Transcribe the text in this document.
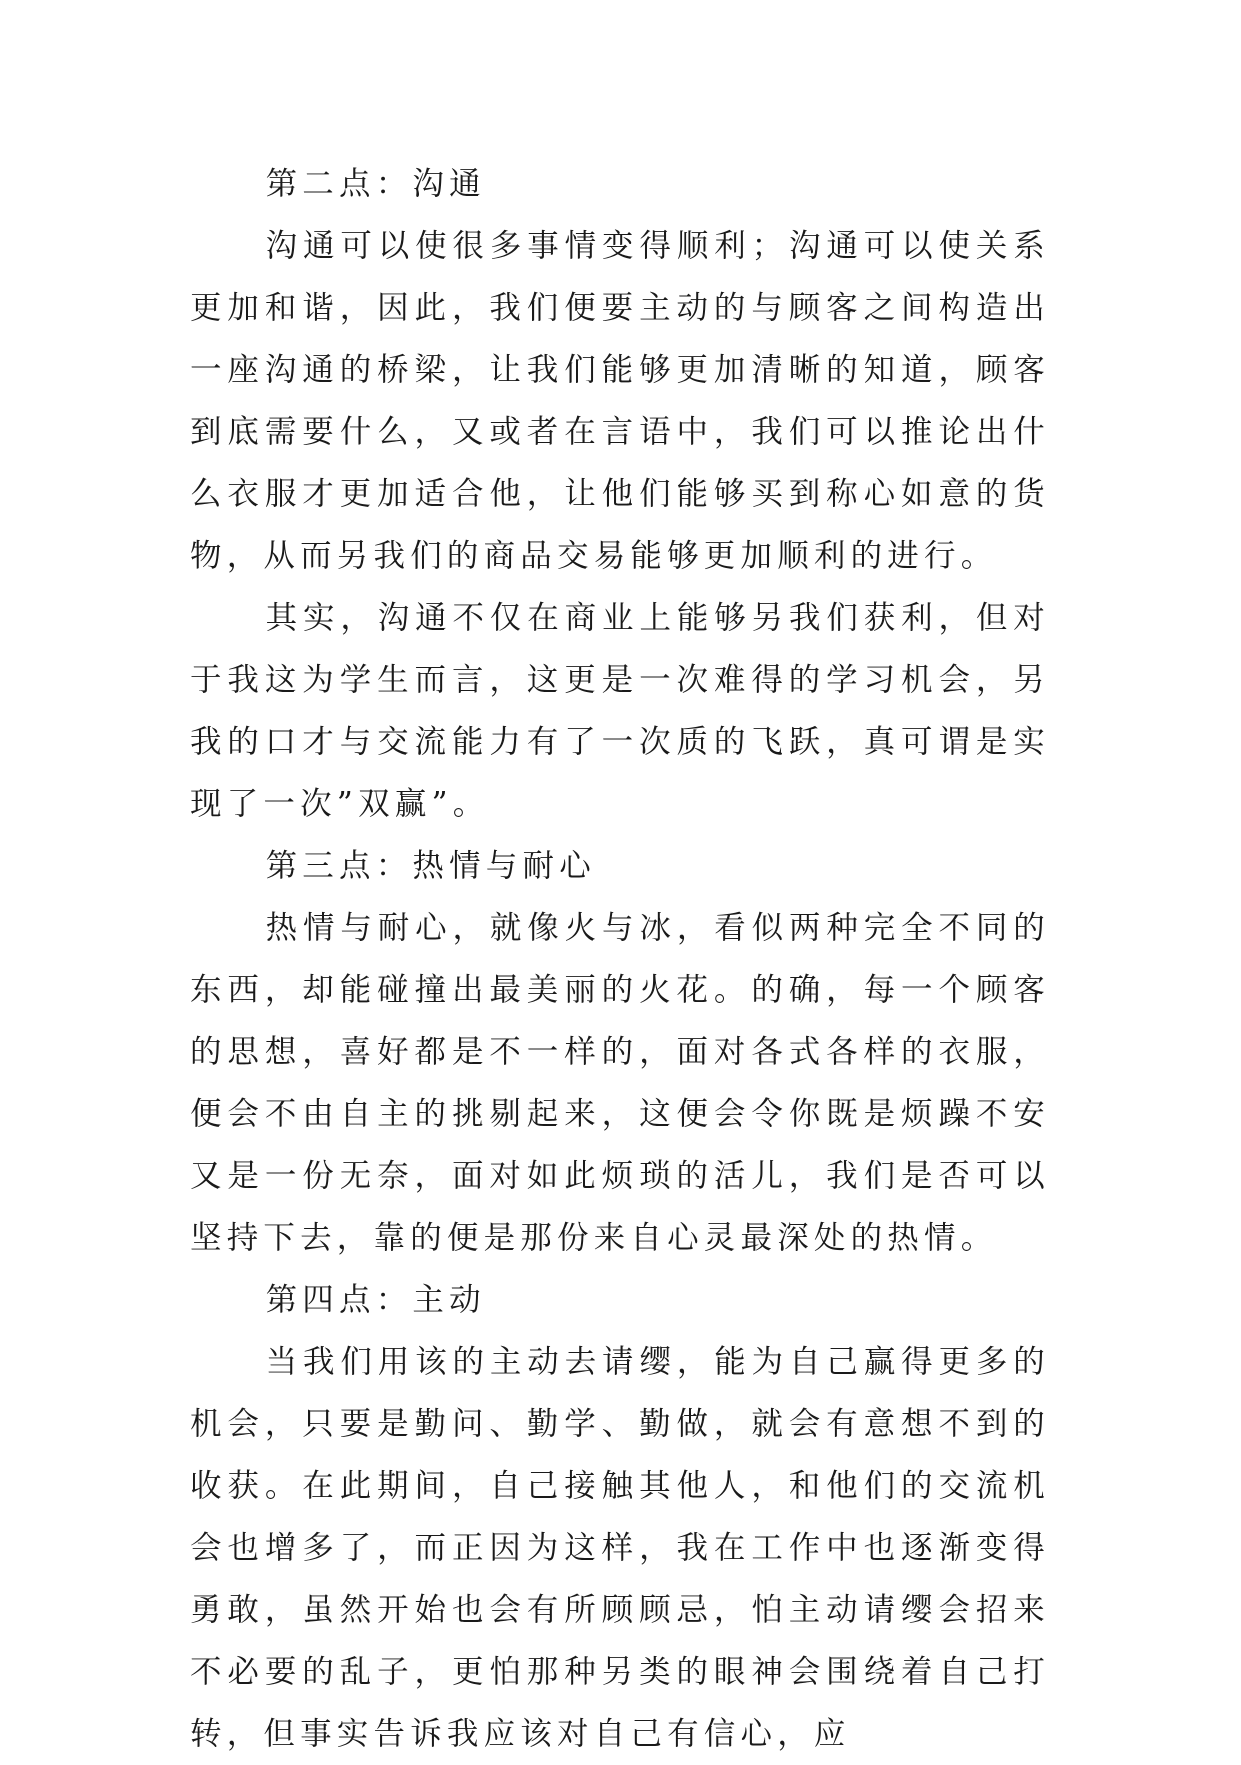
第二点：沟通

沟通可以使很多事情变得顺利；沟通可以使关系更加和谐，因此，我们便要主动的与顾客之间构造出一座沟通的桥梁，让我们能够更加清晰的知道，顾客到底需要什么，又或者在言语中，我们可以推论出什么衣服才更加适合他，让他们能够买到称心如意的货物，从而另我们的商品交易能够更加顺利的进行。

其实，沟通不仅在商业上能够另我们获利，但对于我这为学生而言，这更是一次难得的学习机会，另我的口才与交流能力有了一次质的飞跃，真可谓是实现了一次”双赢”。

第三点：热情与耐心

热情与耐心，就像火与冰，看似两种完全不同的东西，却能碰撞出最美丽的火花。的确，每一个顾客的思想，喜好都是不一样的，面对各式各样的衣服，便会不由自主的挑剔起来，这便会令你既是烦躁不安又是一份无奈，面对如此烦琐的活儿，我们是否可以坚持下去，靠的便是那份来自心灵最深处的热情。

第四点：主动

当我们用该的主动去请缨，能为自己赢得更多的机会，只要是勤问、勤学、勤做，就会有意想不到的收获。在此期间，自己接触其他人，和他们的交流机会也增多了，而正因为这样，我在工作中也逐渐变得勇敢，虽然开始也会有所顾顾忌，怕主动请缨会招来不必要的乱子，更怕那种另类的眼神会围绕着自己打转，但事实告诉我应该对自己有信心，应
